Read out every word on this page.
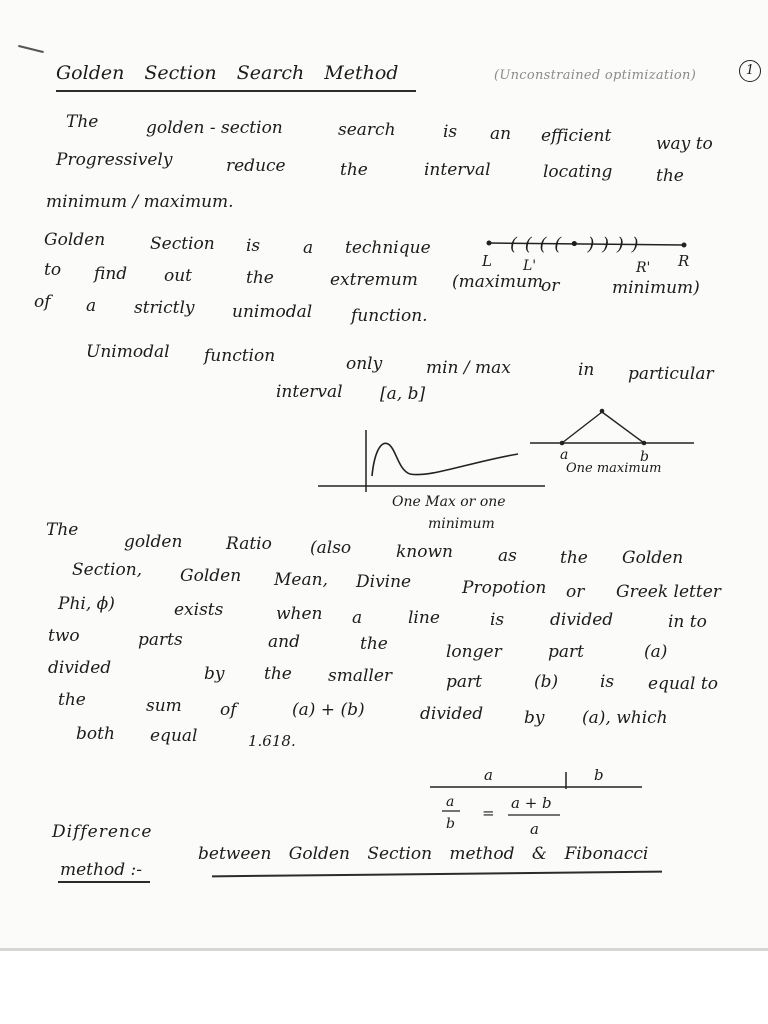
Golden Section Search Method	(Unconstrained optimization)	1
The	golden - section	search	is an efficient	way to
Progressively	reduce	the	interval	locating	the
minimum / maximum.
Golden	Section is	a technique	( ( ( ( • ) ) ) )
L L'	R' R
to find out	the	extremum (maximum
or	minimum)
of a strictly unimodal function.
Unimodal function	only	min / max	in particular
interval [a, b]
One Max or one
minimum
a	b
One maximum
The
golden	Ratio (also	known	as	the Golden
Section, Golden Mean, Divine	Propotion or Greek letter
Phi, ϕ)	exists	when a	line	is	divided	in to
two	parts	and	the	longer	part	(a)
divided	by the smaller	part	(b) is equal to
the	sum of	(a) + (b)	divided by (a), which
both equal	1.618.
a	b
a
b
=
a + b
a
Difference
method :-
between Golden Section method & Fibonacci
